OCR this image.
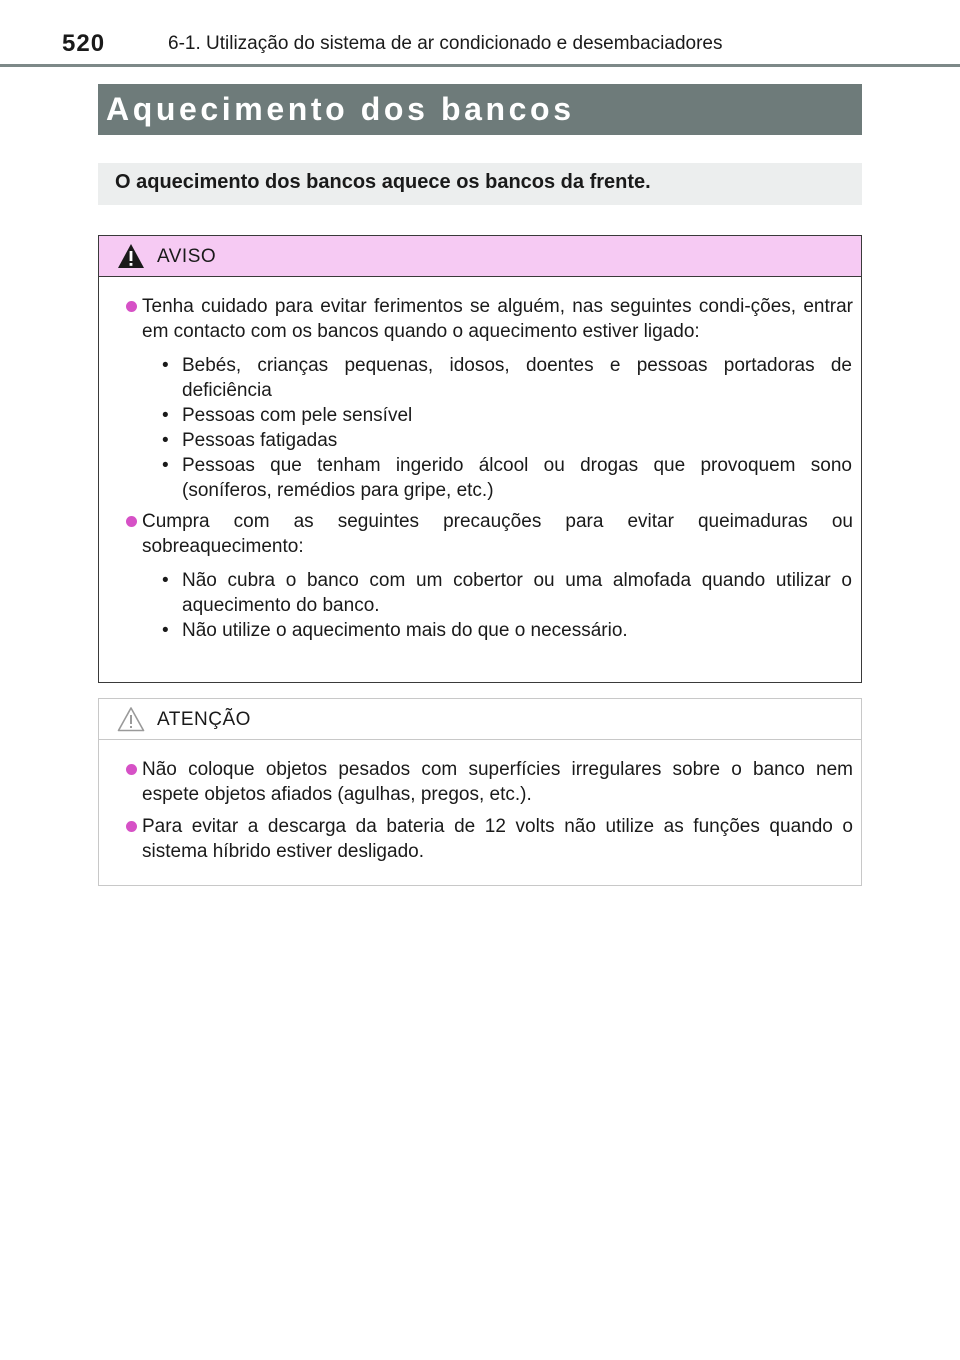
520	6-1. Utilização do sistema de ar condicionado e desembaciadores
Aquecimento dos bancos
O aquecimento dos bancos aquece os bancos da frente.
AVISO
Tenha cuidado para evitar ferimentos se alguém, nas seguintes condi-ções, entrar em contacto com os bancos quando o aquecimento estiver ligado:
• Bebés, crianças pequenas, idosos, doentes e pessoas portadoras de deficiência
• Pessoas com pele sensível
• Pessoas fatigadas
• Pessoas que tenham ingerido álcool ou drogas que provoquem sono (soníferos, remédios para gripe, etc.)
Cumpra com as seguintes precauções para evitar queimaduras ou sobreaquecimento:
• Não cubra o banco com um cobertor ou uma almofada quando utilizar o aquecimento do banco.
• Não utilize o aquecimento mais do que o necessário.
ATENÇÃO
Não coloque objetos pesados com superfícies irregulares sobre o banco nem espete objetos afiados (agulhas, pregos, etc.).
Para evitar a descarga da bateria de 12 volts não utilize as funções quando o sistema híbrido estiver desligado.
